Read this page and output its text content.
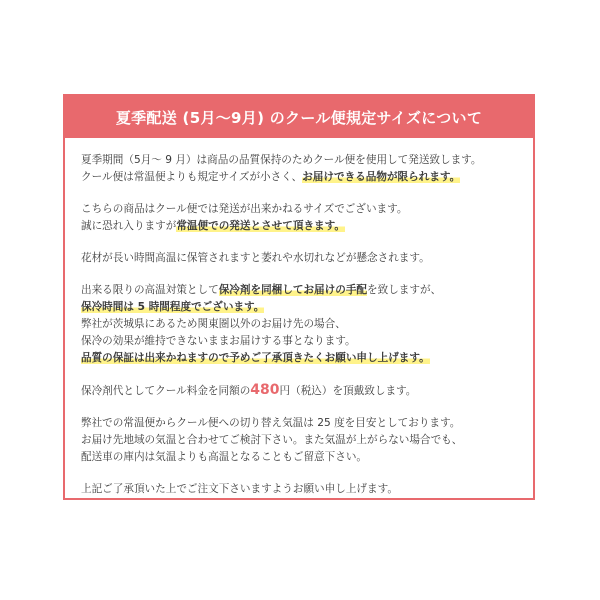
夏季配送 (5月〜9月) のクール便規定サイズについて
夏季期間（5月〜 9 月）は商品の品質保持のためクール便を使用して発送致します。
クール便は常温便よりも規定サイズが小さく、お届けできる品物が限られます。
こちらの商品はクール便では発送が出来かねるサイズでございます。
誠に恐れ入りますが常温便での発送とさせて頂きます。
花材が長い時間高温に保管されますと萎れや水切れなどが懸念されます。
出来る限りの高温対策として保冷剤を同梱してお届けの手配を致しますが、
保冷時間は 5 時間程度でございます。
弊社が茨城県にあるため関東圏以外のお届け先の場合、
保冷の効果が維持できないままお届けする事となります。
品質の保証は出来かねますので予めご了承頂きたくお願い申し上げます。
保冷剤代としてクール料金を同額の480円（税込）を頂戴致します。
弊社での常温便からクール便への切り替え気温は 25 度を目安としております。
お届け先地域の気温と合わせてご検討下さい。また気温が上がらない場合でも、
配送車の庫内は気温よりも高温となることもご留意下さい。
上記ご了承頂いた上でご注文下さいますようお願い申し上げます。
